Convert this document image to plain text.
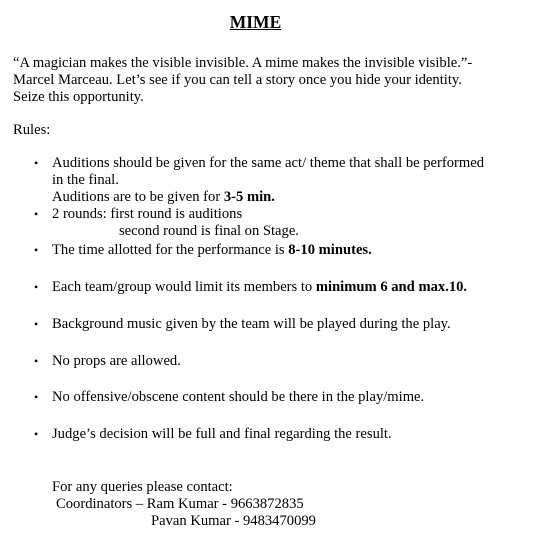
MIME
“A magician makes the visible invisible. A mime makes the invisible visible.”-
Marcel Marceau. Let’s see if you can tell a story once you hide your identity.
Seize this opportunity.
Rules:
• Auditions should be given for the same act/ theme that shall be performed
in the final.
Auditions are to be given for 3-5 min.
• 2 rounds: first round is auditions
second round is final on Stage.
• The time allotted for the performance is 8-10 minutes.
• Each team/group would limit its members to minimum 6 and max.10.
• Background music given by the team will be played during the play.
• No props are allowed.
• No offensive/obscene content should be there in the play/mime.
• Judge’s decision will be full and final regarding the result.
For any queries please contact:
Coordinators – Ram Kumar - 9663872835
Pavan Kumar - 9483470099
